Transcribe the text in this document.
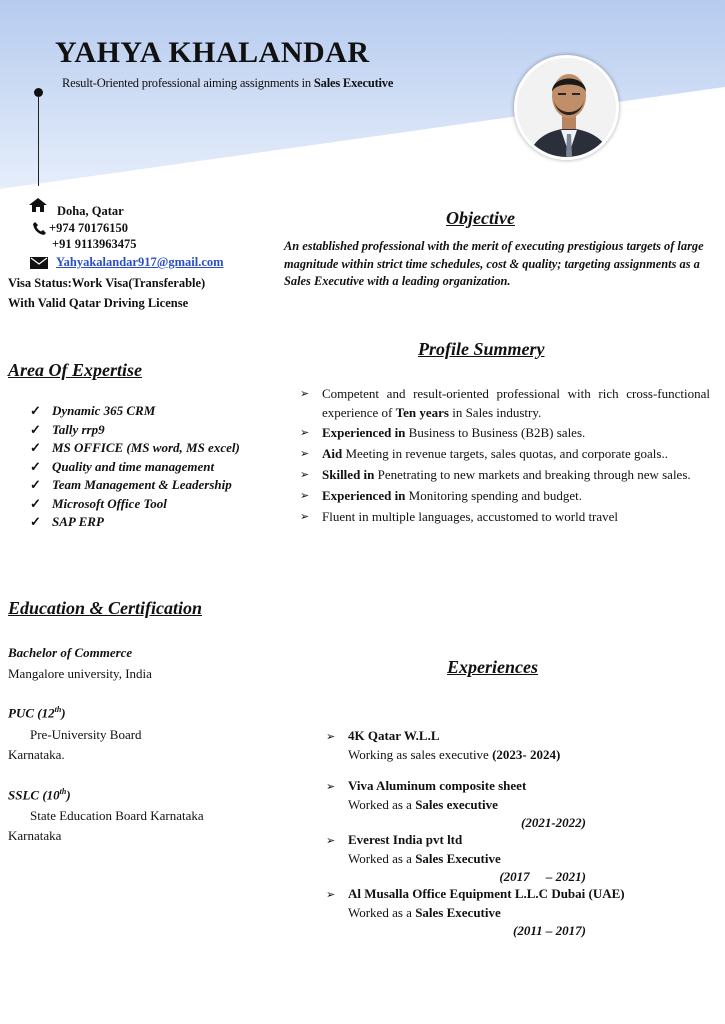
YAHYA KHALANDAR
Result-Oriented professional aiming assignments in Sales Executive
Doha, Qatar
+974 70176150
+91 9113963475
Yahyakalandar917@gmail.com
Visa Status:Work Visa(Transferable)
With Valid Qatar Driving License
Objective
An established professional with the merit of executing prestigious targets of large magnitude within strict time schedules, cost & quality; targeting assignments as a Sales Executive with a leading organization.
Area Of Expertise
✓ Dynamic 365 CRM
✓ Tally rrp9
✓ MS OFFICE (MS word, MS excel)
✓ Quality and time management
✓ Team Management & Leadership
✓ Microsoft Office Tool
✓ SAP ERP
Profile Summery
➢ Competent and result-oriented professional with rich cross-functional experience of Ten years in Sales industry.
➢ Experienced in Business to Business (B2B) sales.
➢ Aid Meeting in revenue targets, sales quotas, and corporate goals..
➢ Skilled in Penetrating to new markets and breaking through new sales.
➢ Experienced in Monitoring spending and budget.
➢ Fluent in multiple languages, accustomed to world travel
Education & Certification
Bachelor of Commerce
Mangalore university, India
PUC (12th)
Pre-University Board
Karnataka.
SSLC (10th)
State Education Board Karnataka
Karnataka
Experiences
➢ 4K Qatar W.L.L
Working as sales executive (2023- 2024)
➢ Viva Aluminum composite sheet
Worked as a Sales executive
(2021-2022)
➢ Everest India pvt ltd
Worked as a Sales Executive
(2017     – 2021)
➢ Al Musalla Office Equipment L.L.C Dubai (UAE)
Worked as a Sales Executive
(2011 – 2017)
